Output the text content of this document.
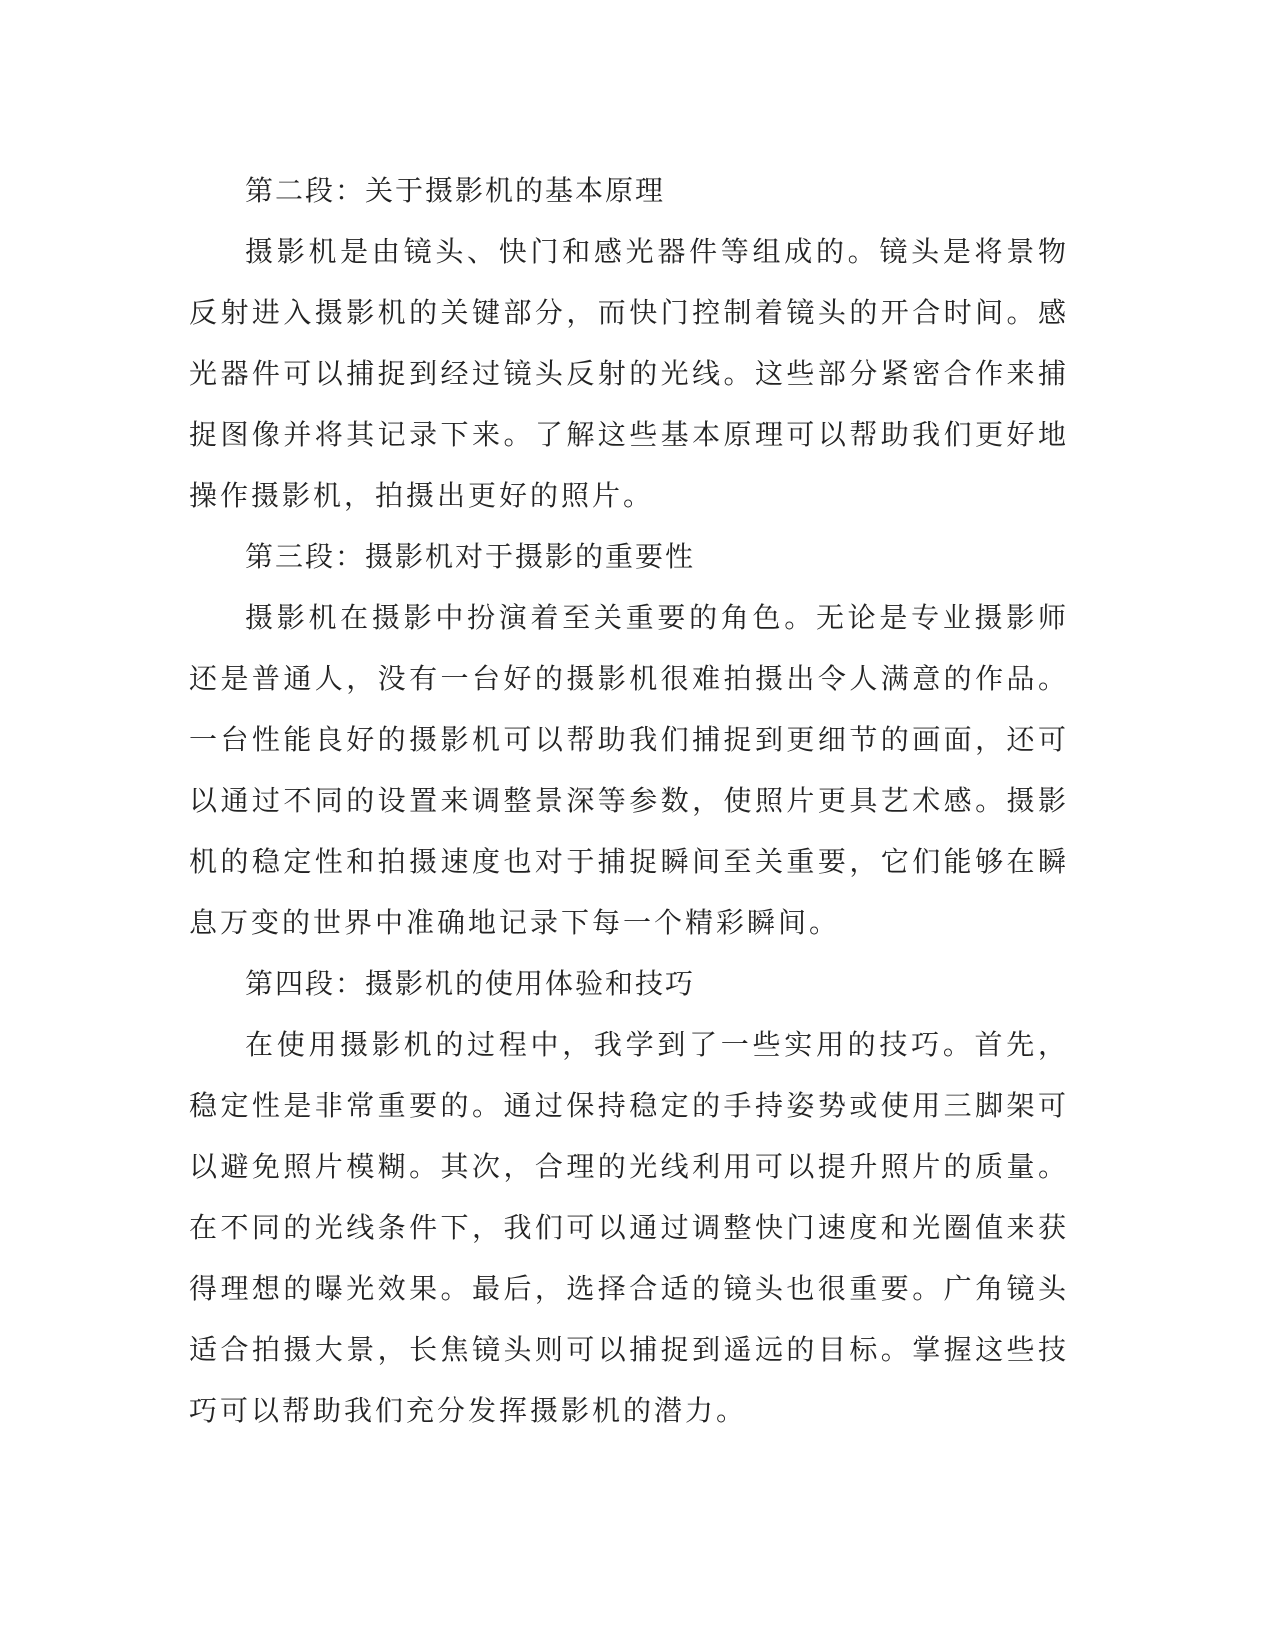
第二段：关于摄影机的基本原理

摄影机是由镜头、快门和感光器件等组成的。镜头是将景物反射进入摄影机的关键部分，而快门控制着镜头的开合时间。感光器件可以捕捉到经过镜头反射的光线。这些部分紧密合作来捕捉图像并将其记录下来。了解这些基本原理可以帮助我们更好地操作摄影机，拍摄出更好的照片。

第三段：摄影机对于摄影的重要性

摄影机在摄影中扮演着至关重要的角色。无论是专业摄影师还是普通人，没有一台好的摄影机很难拍摄出令人满意的作品。一台性能良好的摄影机可以帮助我们捕捉到更细节的画面，还可以通过不同的设置来调整景深等参数，使照片更具艺术感。摄影机的稳定性和拍摄速度也对于捕捉瞬间至关重要，它们能够在瞬息万变的世界中准确地记录下每一个精彩瞬间。

第四段：摄影机的使用体验和技巧

在使用摄影机的过程中，我学到了一些实用的技巧。首先，稳定性是非常重要的。通过保持稳定的手持姿势或使用三脚架可以避免照片模糊。其次，合理的光线利用可以提升照片的质量。在不同的光线条件下，我们可以通过调整快门速度和光圈值来获得理想的曝光效果。最后，选择合适的镜头也很重要。广角镜头适合拍摄大景，长焦镜头则可以捕捉到遥远的目标。掌握这些技巧可以帮助我们充分发挥摄影机的潜力。
